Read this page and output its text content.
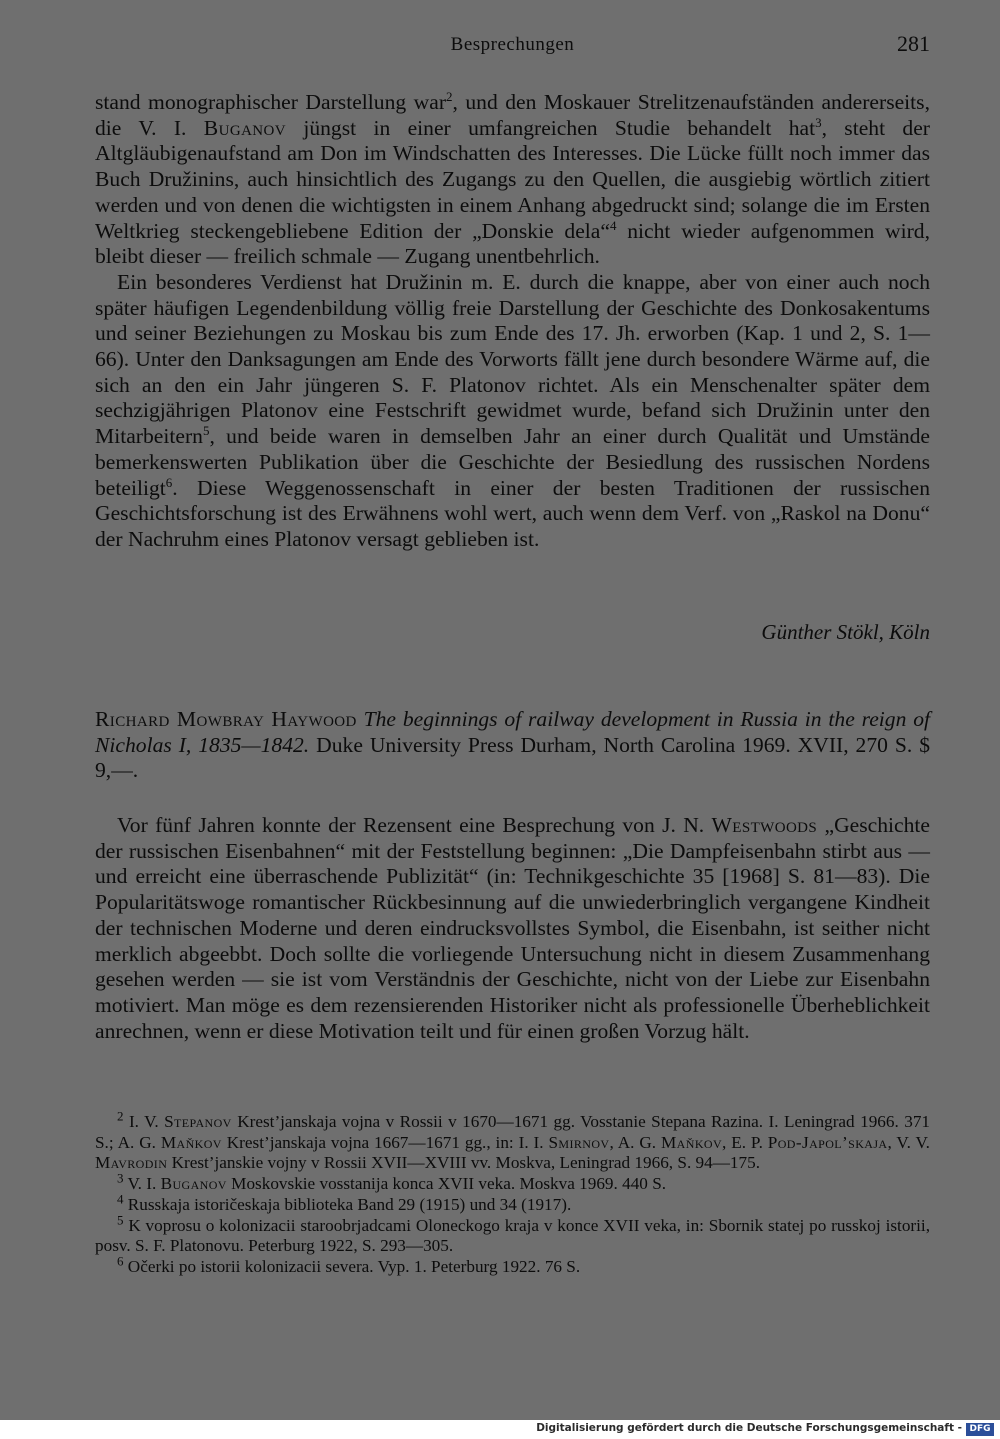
Besprechungen	281

stand monographischer Darstellung war$^2$, und den Moskauer Strelitzenaufständen andererseits, die V. I. Buganov jüngst in einer umfangreichen Studie behandelt hat$^3$, steht der Altgläubigenaufstand am Don im Windschatten des Interesses. Die Lücke füllt noch immer das Buch Družinins, auch hinsichtlich des Zugangs zu den Quellen, die ausgiebig wörtlich zitiert werden und von denen die wichtigsten in einem Anhang abgedruckt sind; solange die im Ersten Weltkrieg steckengebliebene Edition der „Donskie dela“$^4$ nicht wieder aufgenommen wird, bleibt dieser — freilich schmale — Zugang unentbehrlich.

Ein besonderes Verdienst hat Družinin m. E. durch die knappe, aber von einer auch noch später häufigen Legendenbildung völlig freie Darstellung der Geschichte des Donkosakentums und seiner Beziehungen zu Moskau bis zum Ende des 17. Jh. erworben (Kap. 1 und 2, S. 1—66). Unter den Danksagungen am Ende des Vorworts fällt jene durch besondere Wärme auf, die sich an den ein Jahr jüngeren S. F. Platonov richtet. Als ein Menschenalter später dem sechzigjährigen Platonov eine Festschrift gewidmet wurde, befand sich Družinin unter den Mitarbeitern$^5$, und beide waren in demselben Jahr an einer durch Qualität und Umstände bemerkenswerten Publikation über die Geschichte der Besiedlung des russischen Nordens beteiligt$^6$. Diese Weggenossenschaft in einer der besten Traditionen der russischen Geschichtsforschung ist des Erwähnens wohl wert, auch wenn dem Verf. von „Raskol na Donu“ der Nachruhm eines Platonov versagt geblieben ist.

Günther Stökl, Köln
Richard Mowbray Haywood The beginnings of railway development in Russia in the reign of Nicholas I, 1835—1842. Duke University Press Durham, North Carolina 1969. XVII, 270 S. $ 9,—.

Vor fünf Jahren konnte der Rezensent eine Besprechung von J. N. Westwoods „Geschichte der russischen Eisenbahnen“ mit der Feststellung beginnen: „Die Dampfeisenbahn stirbt aus — und erreicht eine überraschende Publizität“ (in: Technikgeschichte 35 [1968] S. 81—83). Die Popularitätswoge romantischer Rückbesinnung auf die unwiederbringlich vergangene Kindheit der technischen Moderne und deren eindrucksvollstes Symbol, die Eisenbahn, ist seither nicht merklich abgeebbt. Doch sollte die vorliegende Untersuchung nicht in diesem Zusammenhang gesehen werden — sie ist vom Verständnis der Geschichte, nicht von der Liebe zur Eisenbahn motiviert. Man möge es dem rezensierenden Historiker nicht als professionelle Überheblichkeit anrechnen, wenn er diese Motivation teilt und für einen großen Vorzug hält.

$^2$ I. V. Stepanov Krest’janskaja vojna v Rossii v 1670—1671 gg. Vosstanie Stepana Razina. I. Leningrad 1966. 371 S.; A. G. Maňkov Krest’janskaja vojna 1667—1671 gg., in: I. I. Smirnov, A. G. Maňkov, E. P. Pod-Japol’skaja, V. V. Mavrodin Krest’janskie vojny v Rossii XVII—XVIII vv. Moskva, Leningrad 1966, S. 94—175.

$^3$ V. I. Buganov Moskovskie vosstanija konca XVII veka. Moskva 1969. 440 S.

$^4$ Russkaja istoričeskaja biblioteka Band 29 (1915) und 34 (1917).

$^5$ K voprosu o kolonizacii staroobrjadcami Oloneckogo kraja v konce XVII veka, in: Sbornik statej po russkoj istorii, posv. S. F. Platonovu. Peterburg 1922, S. 293—305.

$^6$ Očerki po istorii kolonizacii severa. Vyp. 1. Peterburg 1922. 76 S.

Digitalisierung gefördert durch die Deutsche Forschungsgemeinschaft - DFG
